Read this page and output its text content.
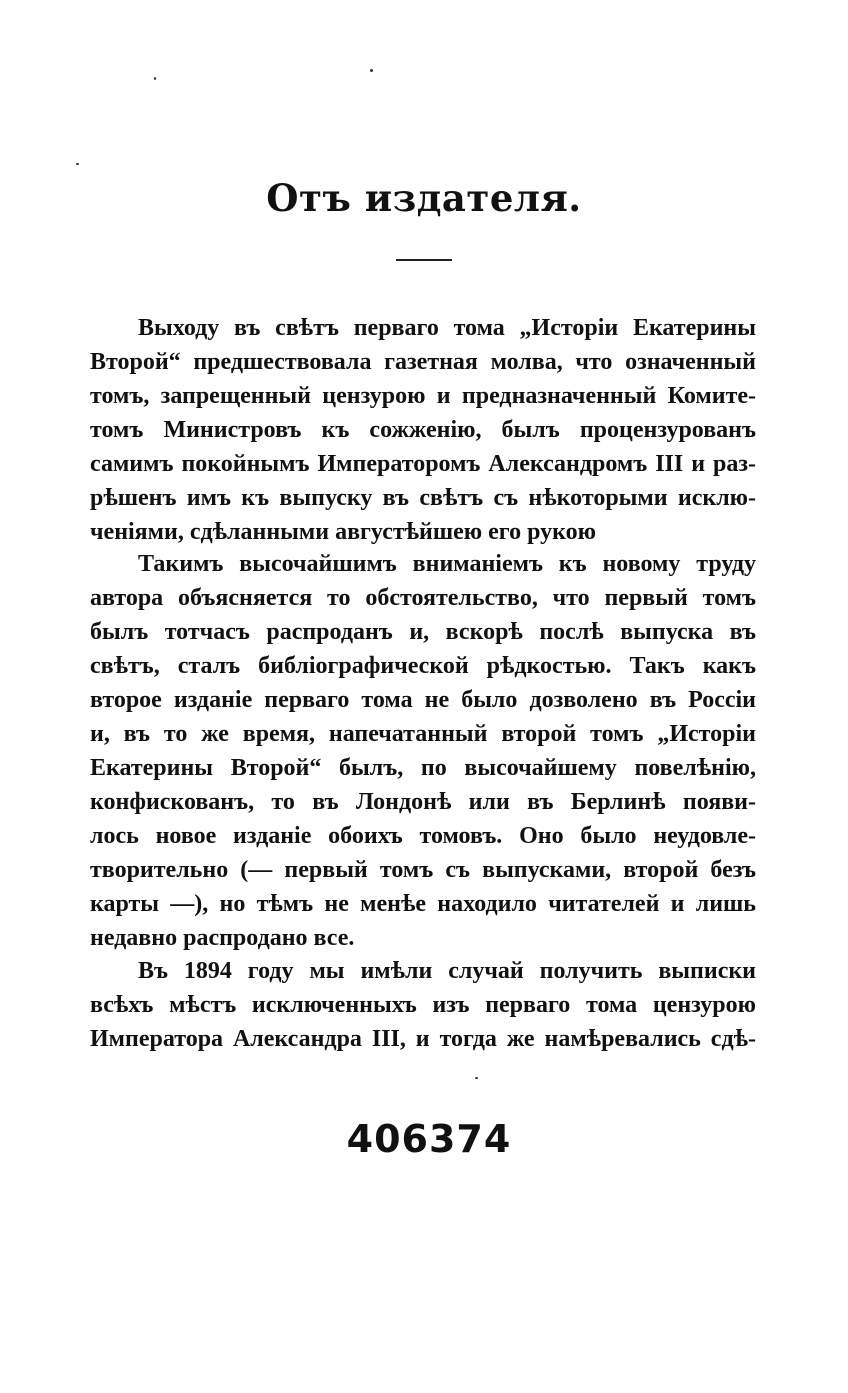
Отъ издателя.
Выходу въ свѣтъ перваго тома „Исторіи Екатерины
Второй“ предшествовала газетная молва, что означенный
томъ, запрещенный цензурою и предназначенный Комите-
томъ Министровъ къ сожженію, былъ процензурованъ
самимъ покойнымъ Императоромъ Александромъ III и раз-
рѣшенъ имъ къ выпуску въ свѣтъ съ нѣкоторыми исклю-
ченіями, сдѣланными августѣйшею его рукою
Такимъ высочайшимъ вниманіемъ къ новому труду
автора объясняется то обстоятельство, что первый томъ
былъ тотчасъ распроданъ и, вскорѣ послѣ выпуска въ
свѣтъ, сталъ библіографической рѣдкостью. Такъ какъ
второе изданіе перваго тома не было дозволено въ Россіи
и, въ то же время, напечатанный второй томъ „Исторіи
Екатерины Второй“ былъ, по высочайшему повелѣнію,
конфискованъ, то въ Лондонѣ или въ Берлинѣ появи-
лось новое изданіе обоихъ томовъ. Оно было неудовле-
творительно (— первый томъ съ выпусками, второй безъ
карты —), но тѣмъ не менѣе находило читателей и лишь
недавно распродано все.
Въ 1894 году мы имѣли случай получить выписки
всѣхъ мѣстъ исключенныхъ изъ перваго тома цензурою
Императора Александра III, и тогда же намѣревались сдѣ-
406374
